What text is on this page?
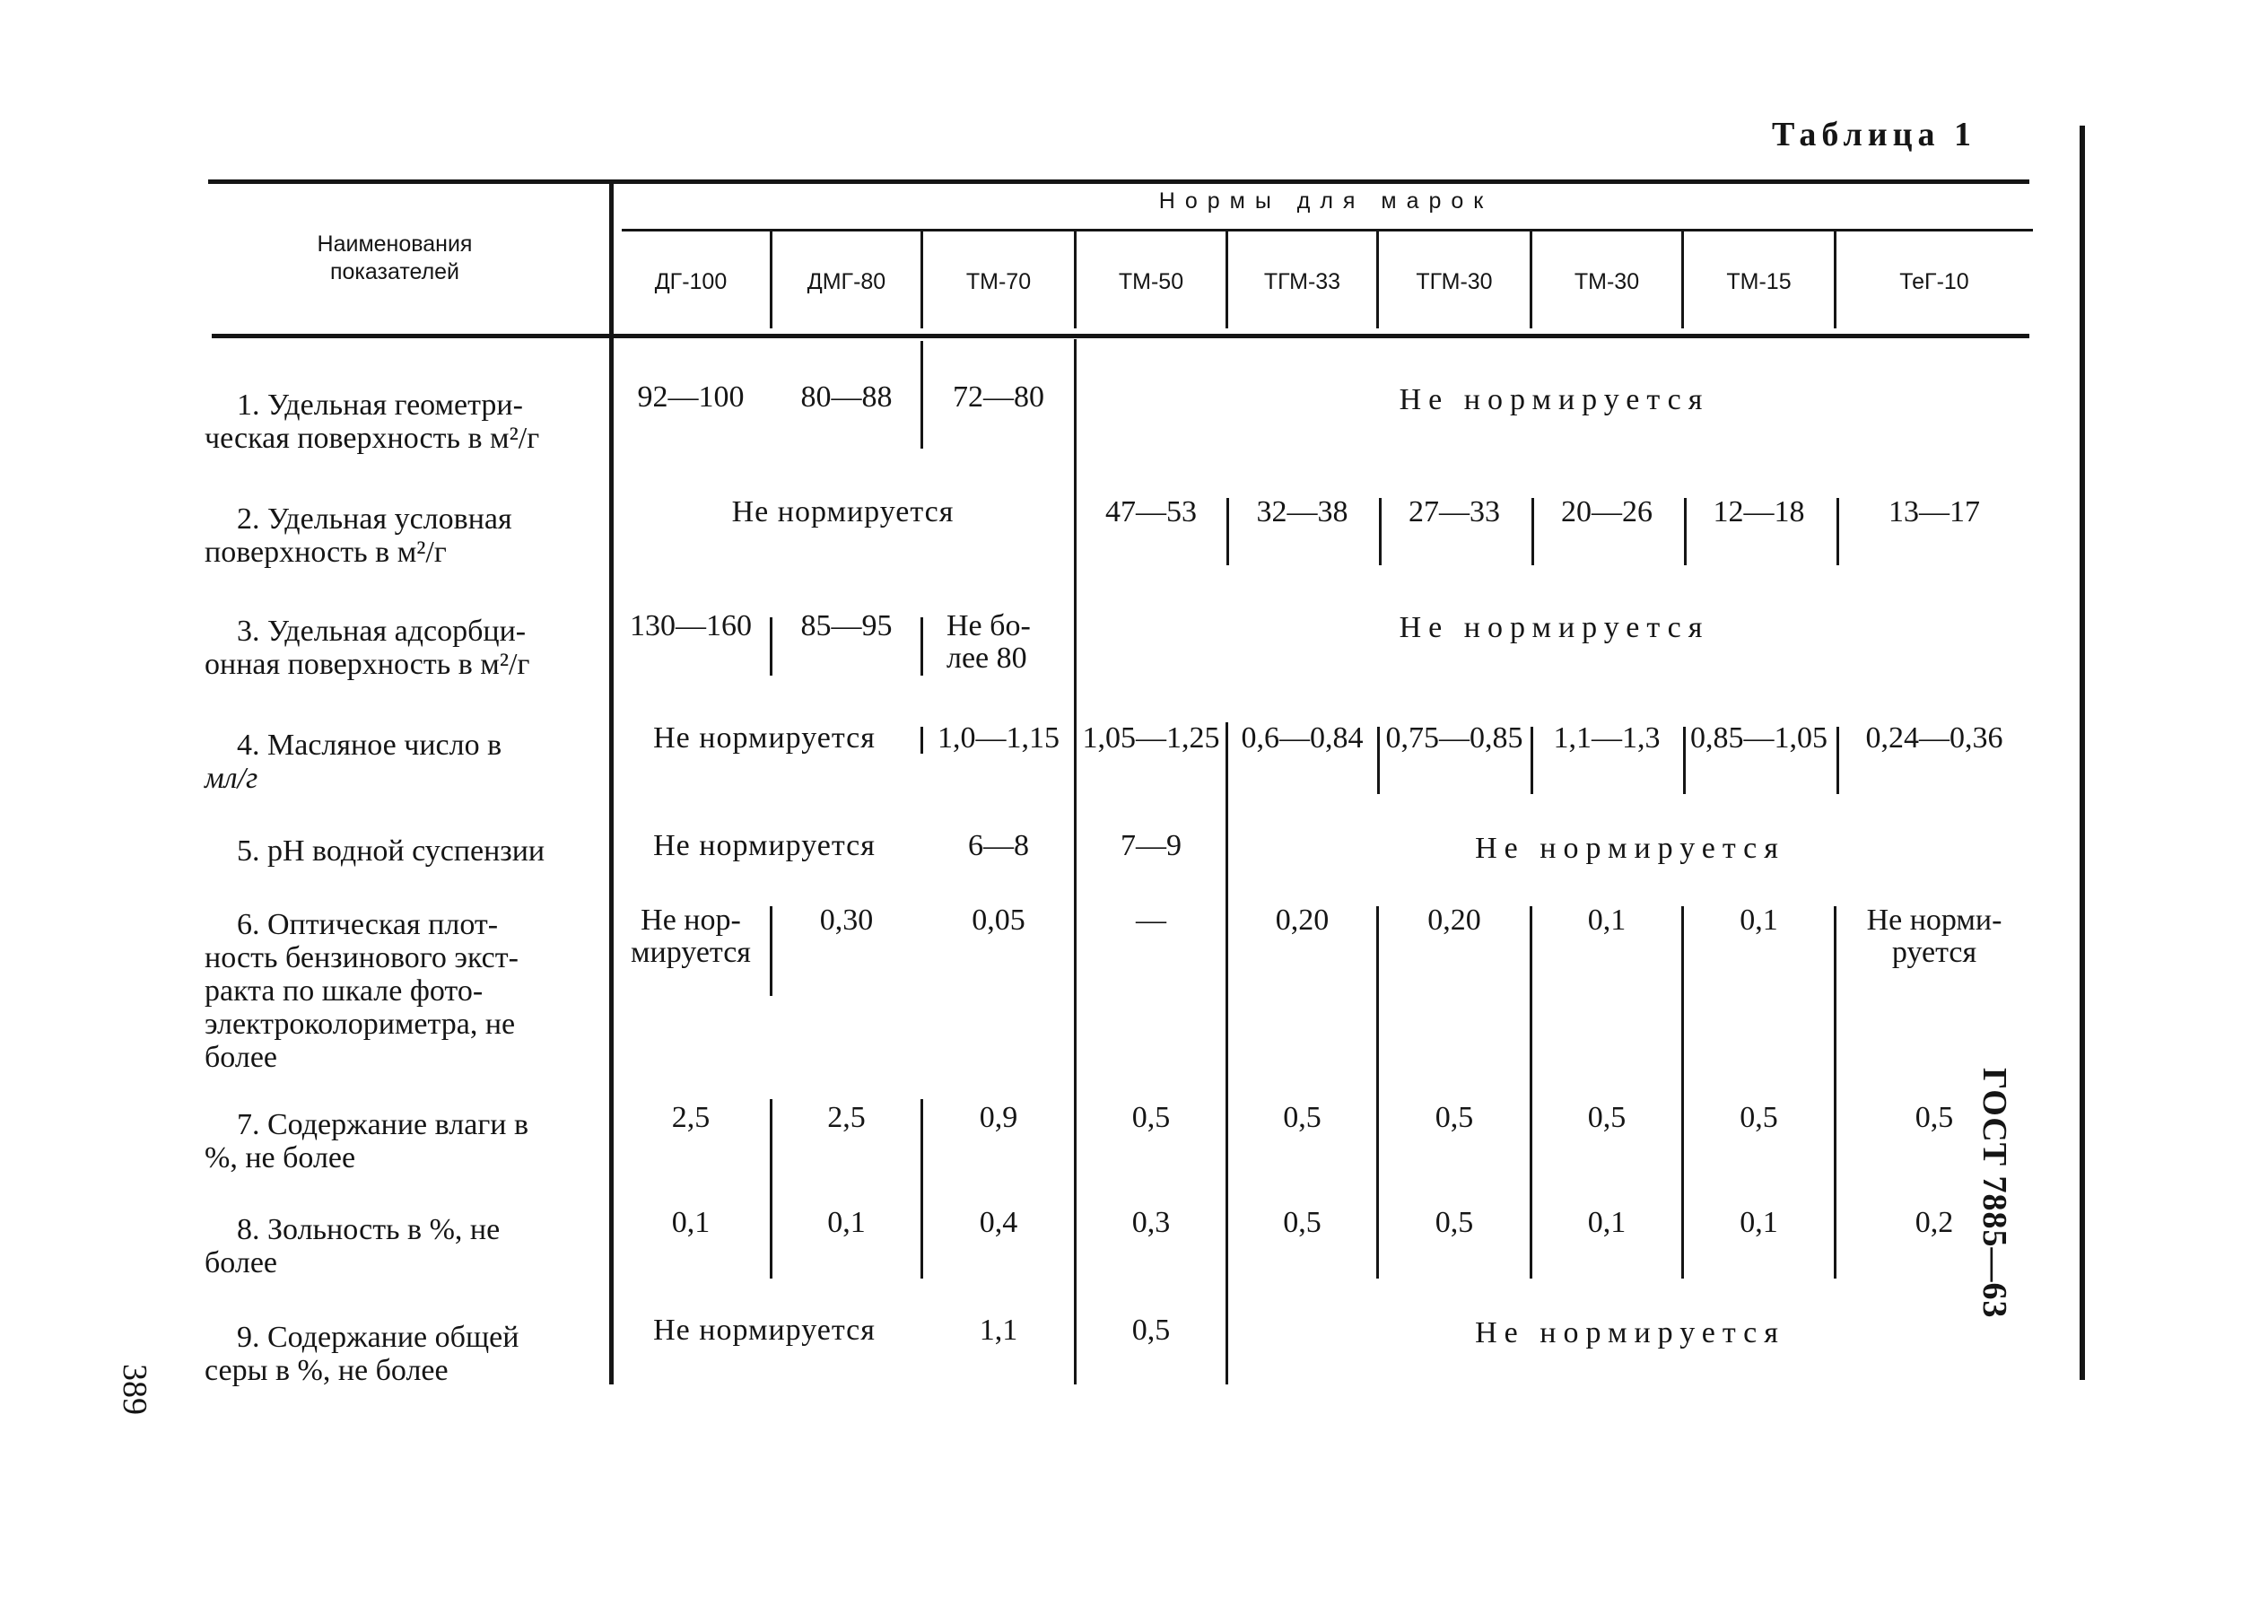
Таблица 1
Наименования
показателей
Нормы для марок
ДГ-100	ДМГ-80	ТМ-70	ТМ-50	ТГМ-33	ТГМ-30	ТМ-30	ТМ-15	ТеГ-10
1. Удельная геометри-
ческая поверхность в м²/г
92—100	80—88	72—80	Не нормируется
2. Удельная условная
поверхность в м²/г
Не нормируется	47—53	32—38	27—33	20—26	12—18	13—17
3. Удельная адсорбци-
онная поверхность в м²/г
130—160	85—95	Не бо-
лее 80
Не нормируется
4. Масляное число в
мл/г
Не нормируется	1,0—1,15 1,05—1,25 0,6—0,84 0,75—0,85	1,1—1,3 0,85—1,05	0,24—0,36
5. pH водной суспензии	Не нормируется	6—8	7—9	Не нормируется
6. Оптическая плот-
ность бензинового экст-
ракта по шкале фото-
электроколориметра, не
более
Не нор-
мируется
0,30	0,05	—	0,20	0,20	0,1	0,1	Не норми-
руется
7. Содержание влаги в
%, не более
2,5	2,5	0,9	0,5	0,5	0,5	0,5	0,5	0,5
8. Зольность в %, не
более
0,1	0,1	0,4	0,3	0,5	0,5	0,1	0,1	0,2
9. Содержание общей
серы в %, не более
Не нормируется	1,1	0,5	Не нормируется
ГОСТ 7885—63
389
